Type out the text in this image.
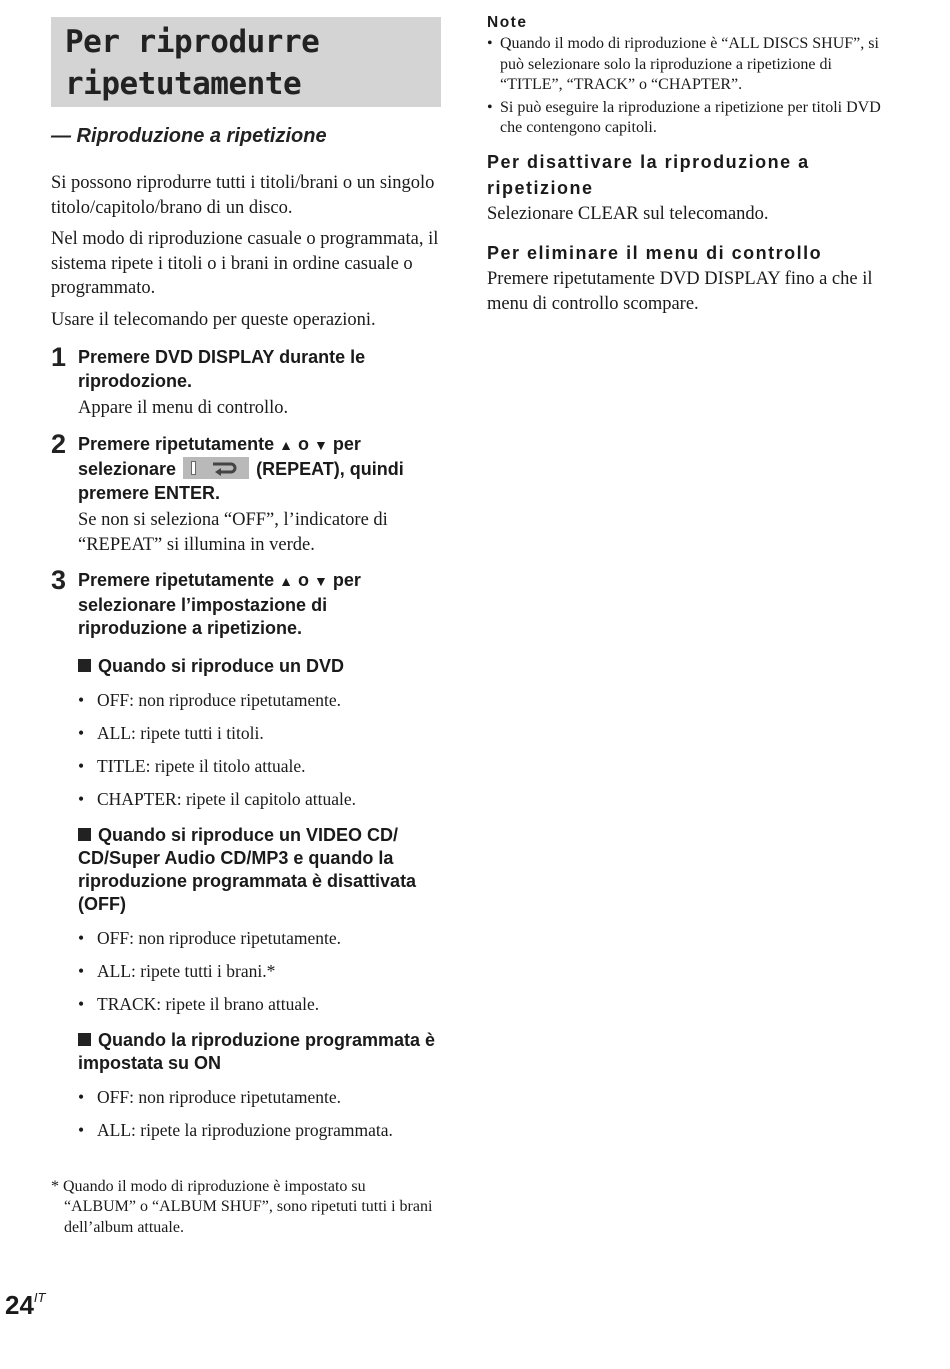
Per riprodurre
ripetutamente
— Riproduzione a ripetizione

Si possono riprodurre tutti i titoli/brani o un singolo titolo/capitolo/brano di un disco.

Nel modo di riproduzione casuale o programmata, il sistema ripete i titoli o i brani in ordine casuale o programmato.

Usare il telecomando per queste operazioni.

1 Premere DVD DISPLAY durante le riprodozione.
Appare il menu di controllo.
2 Premere ripetutamente ▲ o ▼ per selezionare	(REPEAT), quindi premere ENTER.
Se non si seleziona “OFF”, l’indicatore di “REPEAT” si illumina in verde.
3 Premere ripetutamente ▲ o ▼ per selezionare l’impostazione di riproduzione a ripetizione.
Quando si riproduce un DVD
• OFF: non riproduce ripetutamente.
• ALL: ripete tutti i titoli.
• TITLE: ripete il titolo attuale.
• CHAPTER: ripete il capitolo attuale.
Quando si riproduce un VIDEO CD/ CD/Super Audio CD/MP3 e quando la riproduzione programmata è disattivata (OFF)
• OFF: non riproduce ripetutamente.
• ALL: ripete tutti i brani.*
• TRACK: ripete il brano attuale.
Quando la riproduzione programmata è impostata su ON
• OFF: non riproduce ripetutamente.
• ALL: ripete la riproduzione programmata.
* Quando il modo di riproduzione è impostato su “ALBUM” o “ALBUM SHUF”, sono ripetuti tutti i brani dell’album attuale.
Note
• Quando il modo di riproduzione è “ALL DISCS SHUF”, si può selezionare solo la riproduzione a ripetizione di “TITLE”, “TRACK” o “CHAPTER”.
• Si può eseguire la riproduzione a ripetizione per titoli DVD che contengono capitoli.
Per disattivare la riproduzione a ripetizione
Selezionare CLEAR sul telecomando.
Per eliminare il menu di controllo
Premere ripetutamente DVD DISPLAY fino a che il menu di controllo scompare.
$24^{IT}$
